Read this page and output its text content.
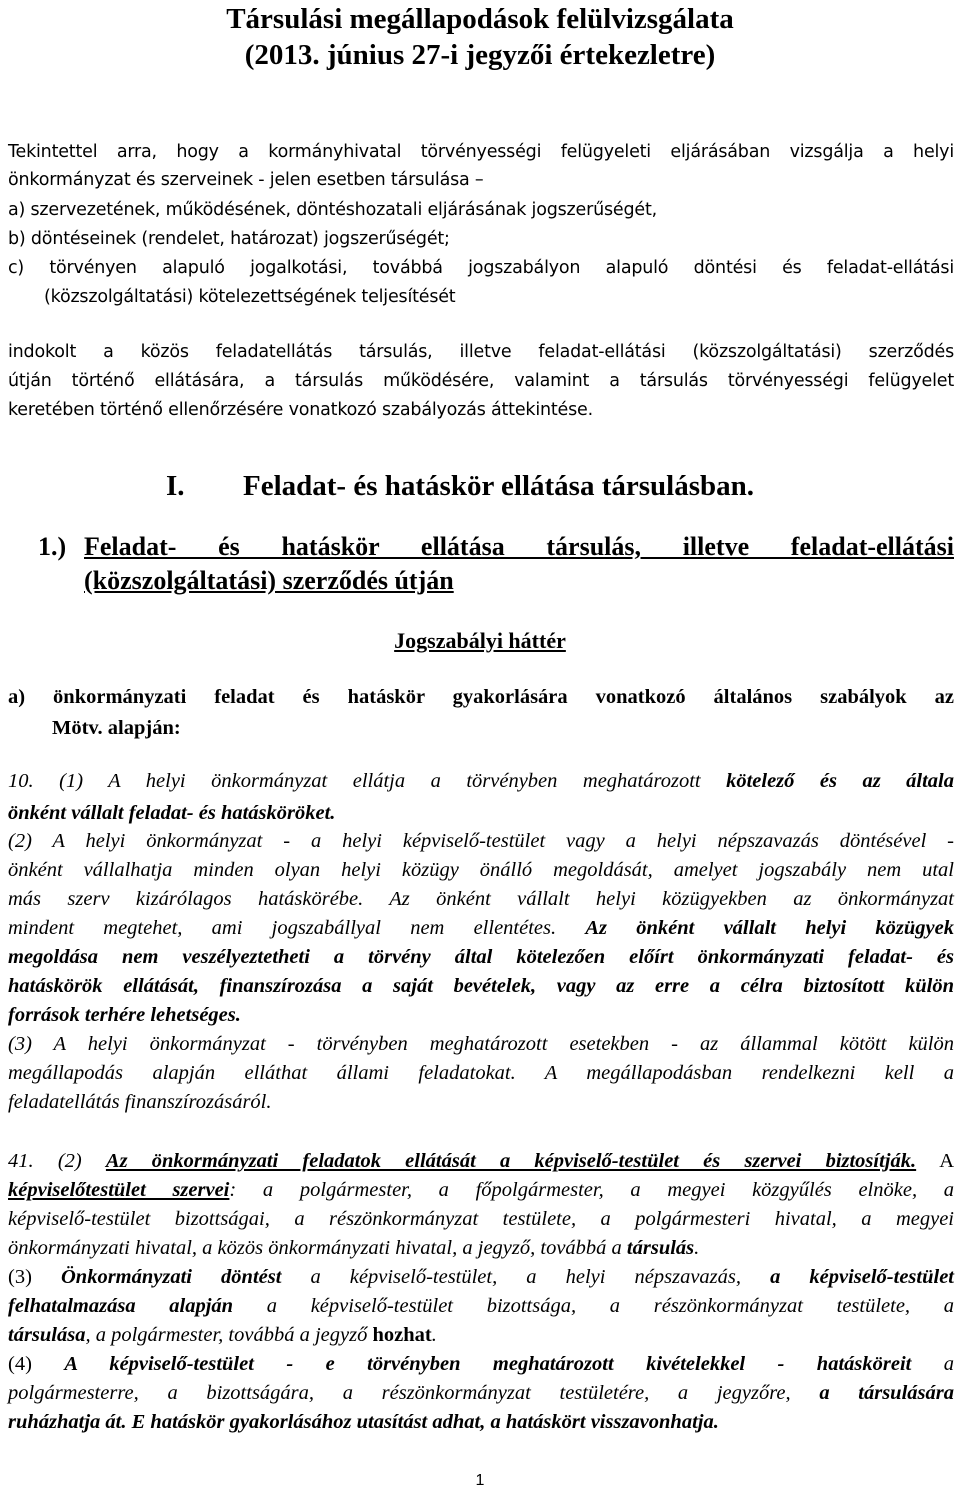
Társulási megállapodások felülvizsgálata
(2013. június 27-i jegyzői értekezletre)
Tekintettel arra, hogy a kormányhivatal törvényességi felügyeleti eljárásában vizsgálja a helyi
önkormányzat és szerveinek - jelen esetben társulása –
a) szervezetének, működésének, döntéshozatali eljárásának jogszerűségét,
b) döntéseinek (rendelet, határozat) jogszerűségét;
c) törvényen alapuló jogalkotási, továbbá jogszabályon alapuló döntési és feladat-ellátási
(közszolgáltatási) kötelezettségének teljesítését
indokolt a közös feladatellátás társulás, illetve feladat-ellátási (közszolgáltatási) szerződés
útján történő ellátására, a társulás működésére, valamint a társulás törvényességi felügyelet
keretében történő ellenőrzésére vonatkozó szabályozás áttekintése.
I. Feladat- és hatáskör ellátása társulásban.
1.) Feladat- és hatáskör ellátása társulás, illetve feladat-ellátási
(közszolgáltatási) szerződés útján
Jogszabályi háttér
a) önkormányzati feladat és hatáskör gyakorlására vonatkozó általános szabályok az
Mötv. alapján:
10. (1) A helyi önkormányzat ellátja a törvényben meghatározott kötelező és az általa
önként vállalt feladat- és hatásköröket.
(2) A helyi önkormányzat - a helyi képviselő-testület vagy a helyi népszavazás döntésével -
önként vállalhatja minden olyan helyi közügy önálló megoldását, amelyet jogszabály nem utal
más szerv kizárólagos hatáskörébe. Az önként vállalt helyi közügyekben az önkormányzat
mindent megtehet, ami jogszabállyal nem ellentétes. Az önként vállalt helyi közügyek
megoldása nem veszélyeztetheti a törvény által kötelezően előírt önkormányzati feladat- és
hatáskörök ellátását, finanszírozása a saját bevételek, vagy az erre a célra biztosított külön
források terhére lehetséges.
(3) A helyi önkormányzat - törvényben meghatározott esetekben - az állammal kötött külön
megállapodás alapján elláthat állami feladatokat. A megállapodásban rendelkezni kell a
feladatellátás finanszírozásáról.
41. (2) Az önkormányzati feladatok ellátását a képviselő-testület és szervei biztosítják. A
képviselőtestület szervei: a polgármester, a főpolgármester, a megyei közgyűlés elnöke, a
képviselő-testület bizottságai, a részönkormányzat testülete, a polgármesteri hivatal, a megyei
önkormányzati hivatal, a közös önkormányzati hivatal, a jegyző, továbbá a társulás.
(3) Önkormányzati döntést a képviselő-testület, a helyi népszavazás, a képviselő-testület
felhatalmazása alapján a képviselő-testület bizottsága, a részönkormányzat testülete, a
társulása, a polgármester, továbbá a jegyző hozhat.
(4) A képviselő-testület - e törvényben meghatározott kivételekkel - hatásköreit a
polgármesterre, a bizottságára, a részönkormányzat testületére, a jegyzőre, a társulására
ruházhatja át. E hatáskör gyakorlásához utasítást adhat, a hatáskört visszavonhatja.
1
